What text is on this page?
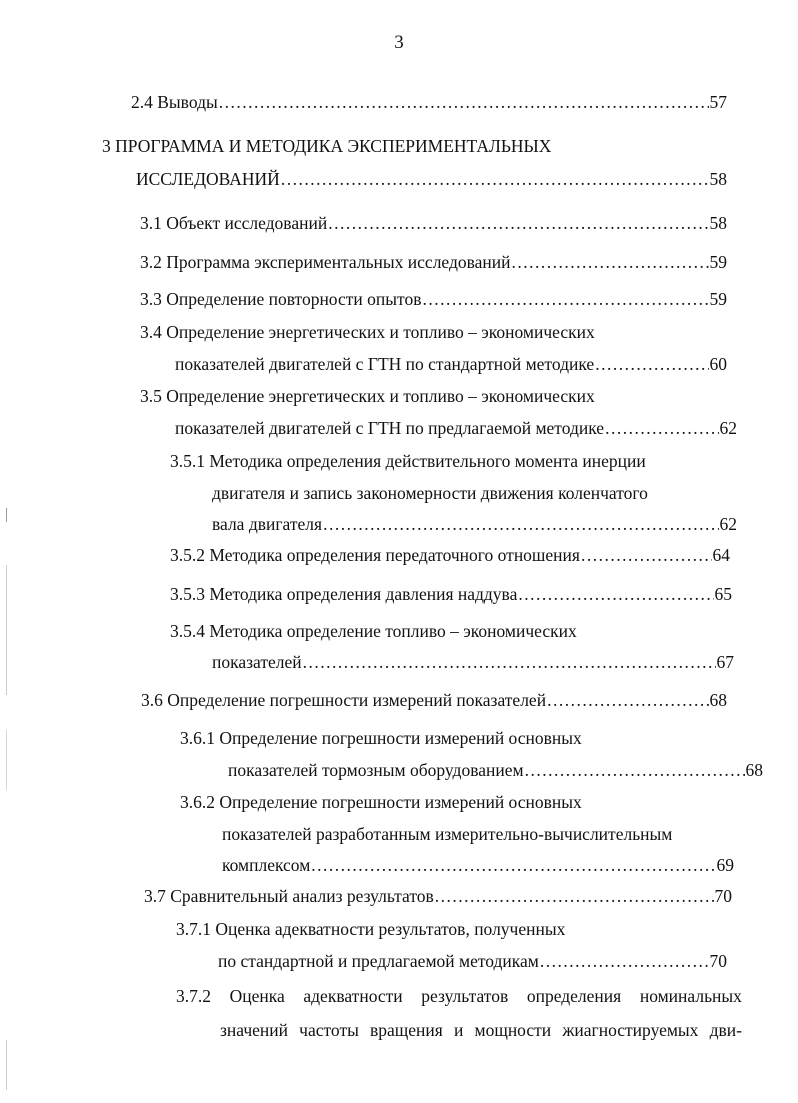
3
2.4 Выводы .....	57
3 ПРОГРАММА И МЕТОДИКА ЭКСПЕРИМЕНТАЛЬНЫХ
ИССЛЕДОВАНИЙ .....	58
3.1 Объект исследований .....	58
3.2 Программа экспериментальных исследований .....	59
3.3 Определение повторности опытов .....	59
3.4 Определение энергетических и топливо – экономических
показателей двигателей с ГТН по стандартной методике .....	60
3.5 Определение энергетических и топливо – экономических
показателей двигателей с ГТН по предлагаемой методике .....	62
3.5.1 Методика определения действительного момента инерции
двигателя и запись закономерности движения коленчатого
вала двигателя .....	62
3.5.2 Методика определения передаточного отношения .....	64
3.5.3 Методика определения давления наддува .....	65
3.5.4 Методика определение топливо – экономических
показателей .....	67
3.6 Определение погрешности измерений показателей .....	68
3.6.1 Определение погрешности измерений основных
показателей тормозным оборудованием .....	68
3.6.2 Определение погрешности измерений основных
показателей разработанным измерительно-вычислительным
комплексом .....	69
3.7 Сравнительный анализ результатов .....	70
3.7.1 Оценка адекватности результатов, полученных
по стандартной и предлагаемой методикам .....	70
3.7.2 Оценка адекватности результатов определения номинальных
значений частоты вращения и мощности жиагностируемых дви-
